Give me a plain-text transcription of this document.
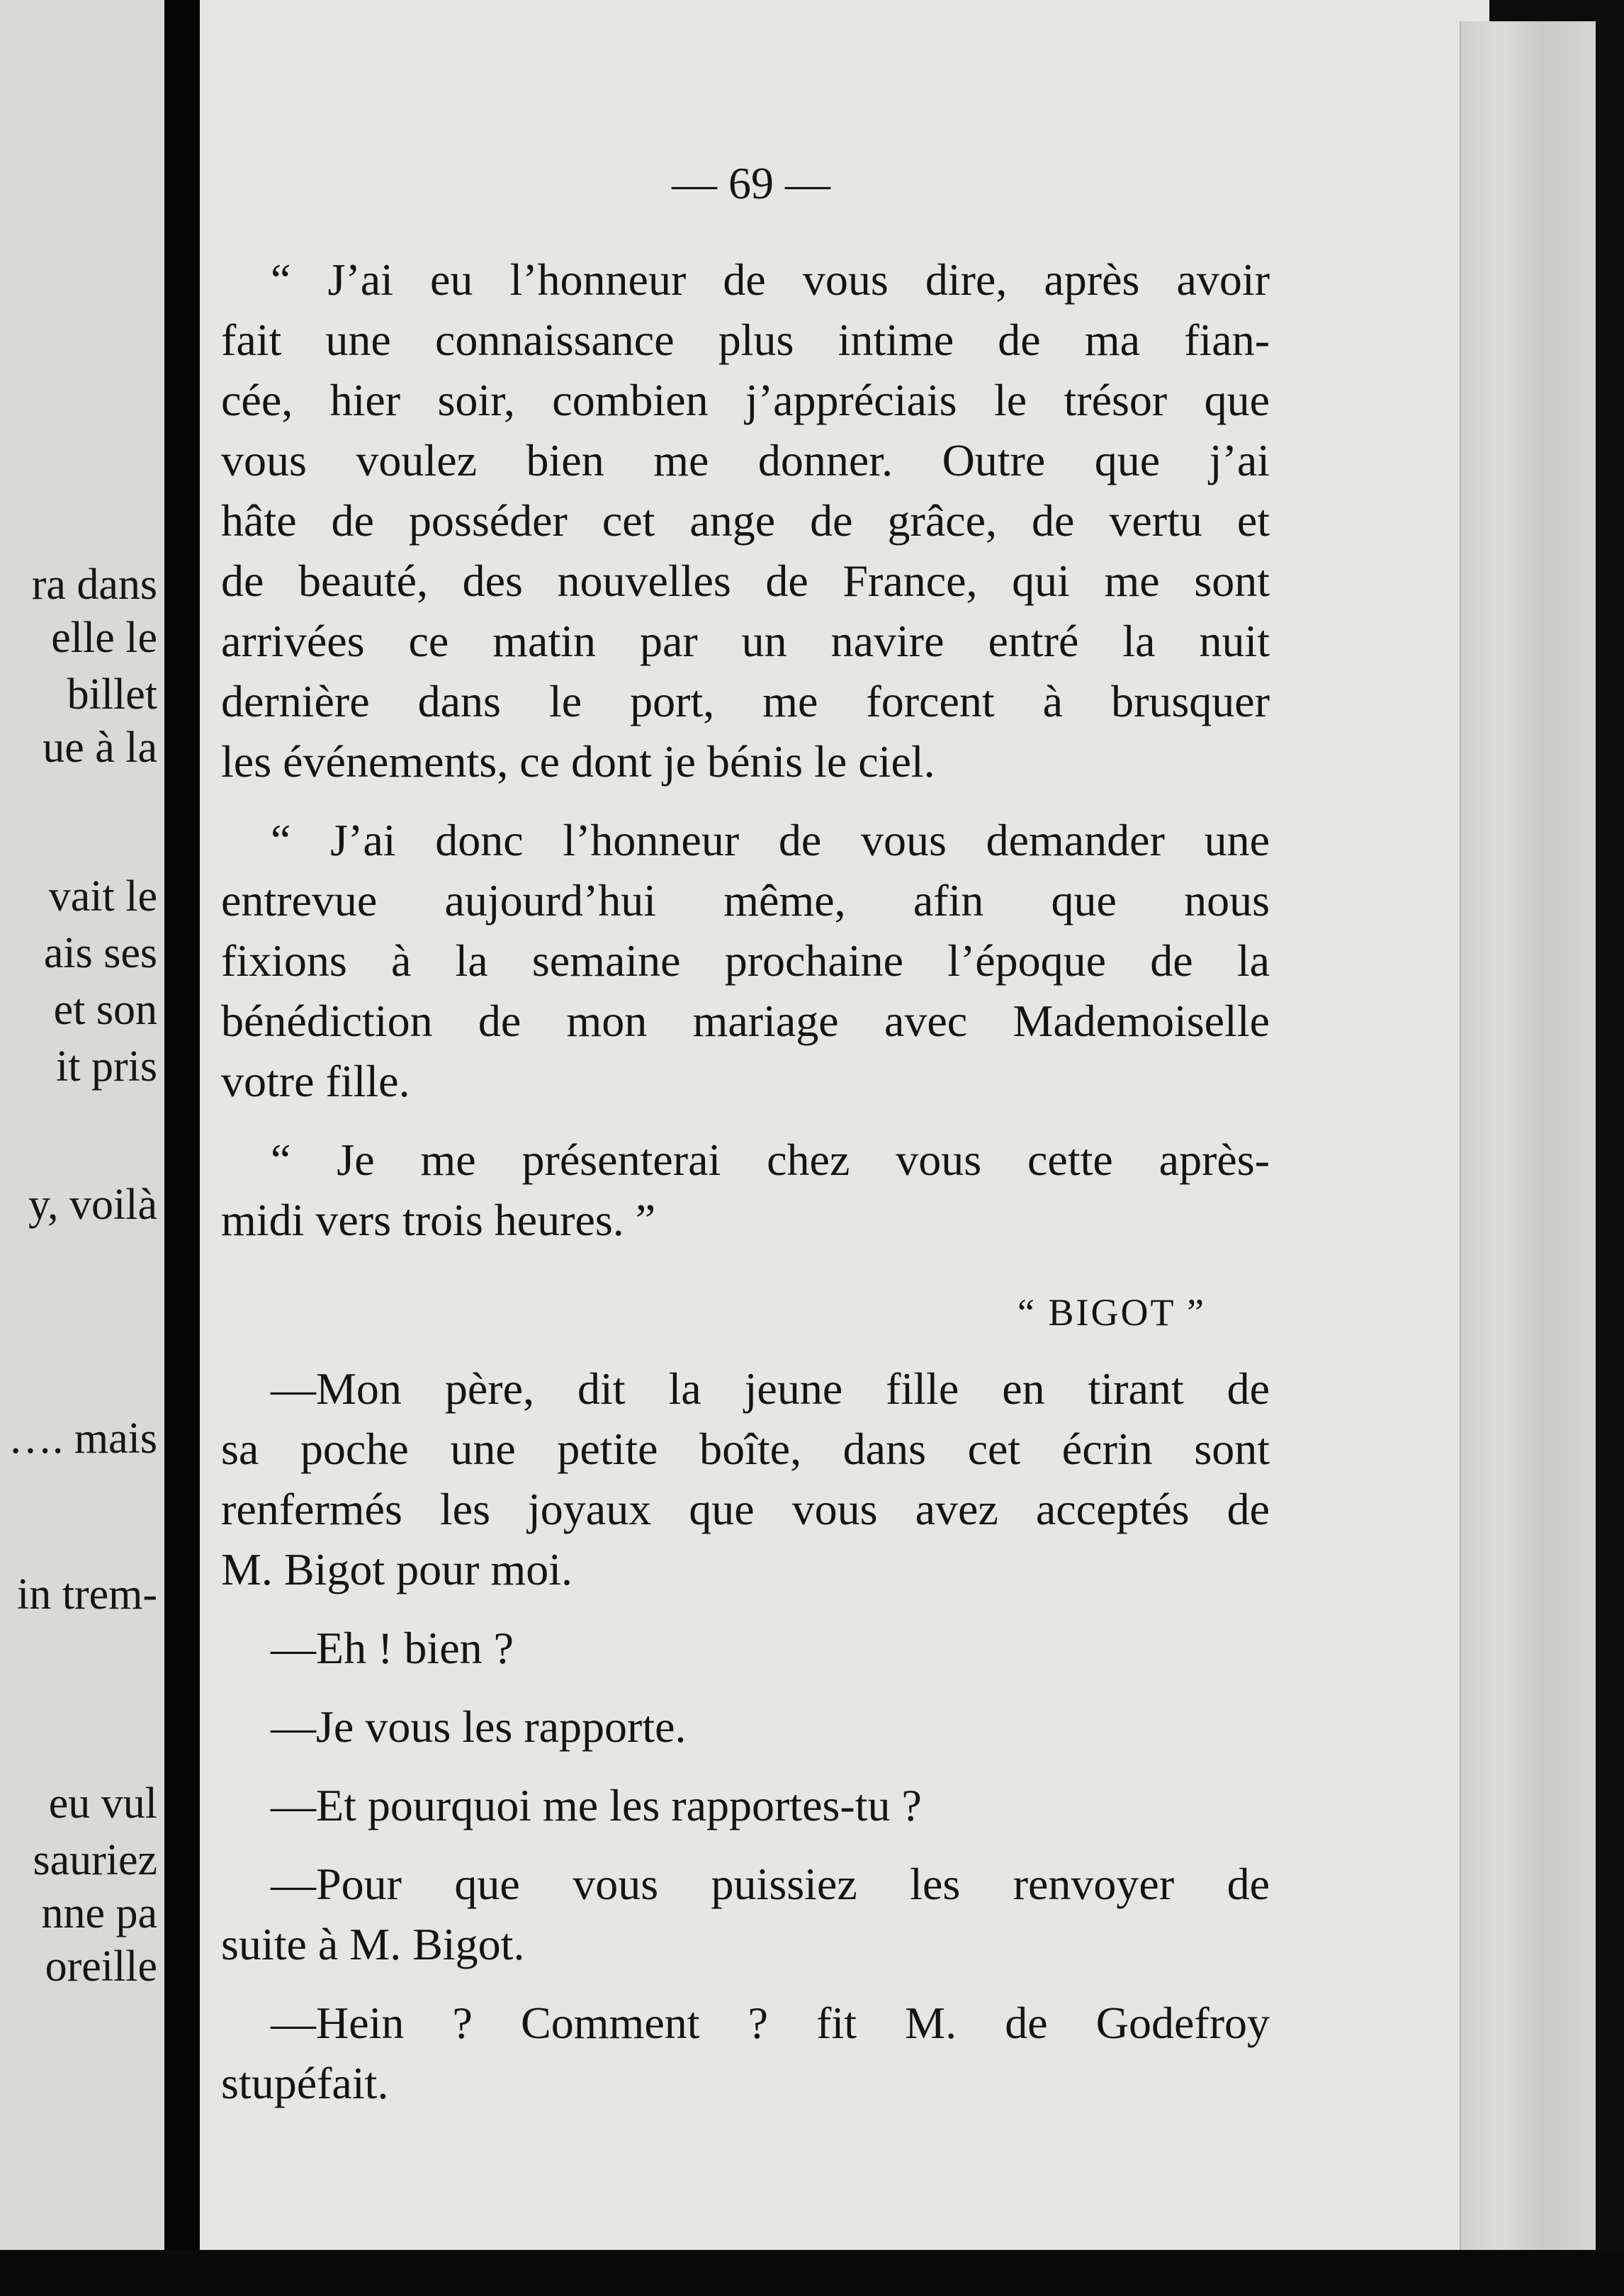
ra dans
elle le
billet
ue à la
vait le
ais ses
et son
it pris
y, voilà
…. mais
in trem-
eu vul
sauriez
nne pa
oreille
— 69 —

“ J’ai eu l’honneur de vous dire, après avoir
fait une connaissance plus intime de ma fian-
cée, hier soir, combien j’appréciais le trésor que
vous voulez bien me donner. Outre que j’ai
hâte de posséder cet ange de grâce, de vertu et
de beauté, des nouvelles de France, qui me sont
arrivées ce matin par un navire entré la nuit
dernière dans le port, me forcent à brusquer
les événements, ce dont je bénis le ciel.

“ J’ai donc l’honneur de vous demander une
entrevue aujourd’hui même, afin que nous
fixions à la semaine prochaine l’époque de la
bénédiction de mon mariage avec Mademoiselle
votre fille.

“ Je me présenterai chez vous cette après-
midi vers trois heures. ”

“ BIGOT ”

—Mon père, dit la jeune fille en tirant de
sa poche une petite boîte, dans cet écrin sont
renfermés les joyaux que vous avez acceptés de
M. Bigot pour moi.

—Eh ! bien ?

—Je vous les rapporte.

—Et pourquoi me les rapportes-tu ?

—Pour que vous puissiez les renvoyer de
suite à M. Bigot.

—Hein ? Comment ? fit M. de Godefroy
stupéfait.
